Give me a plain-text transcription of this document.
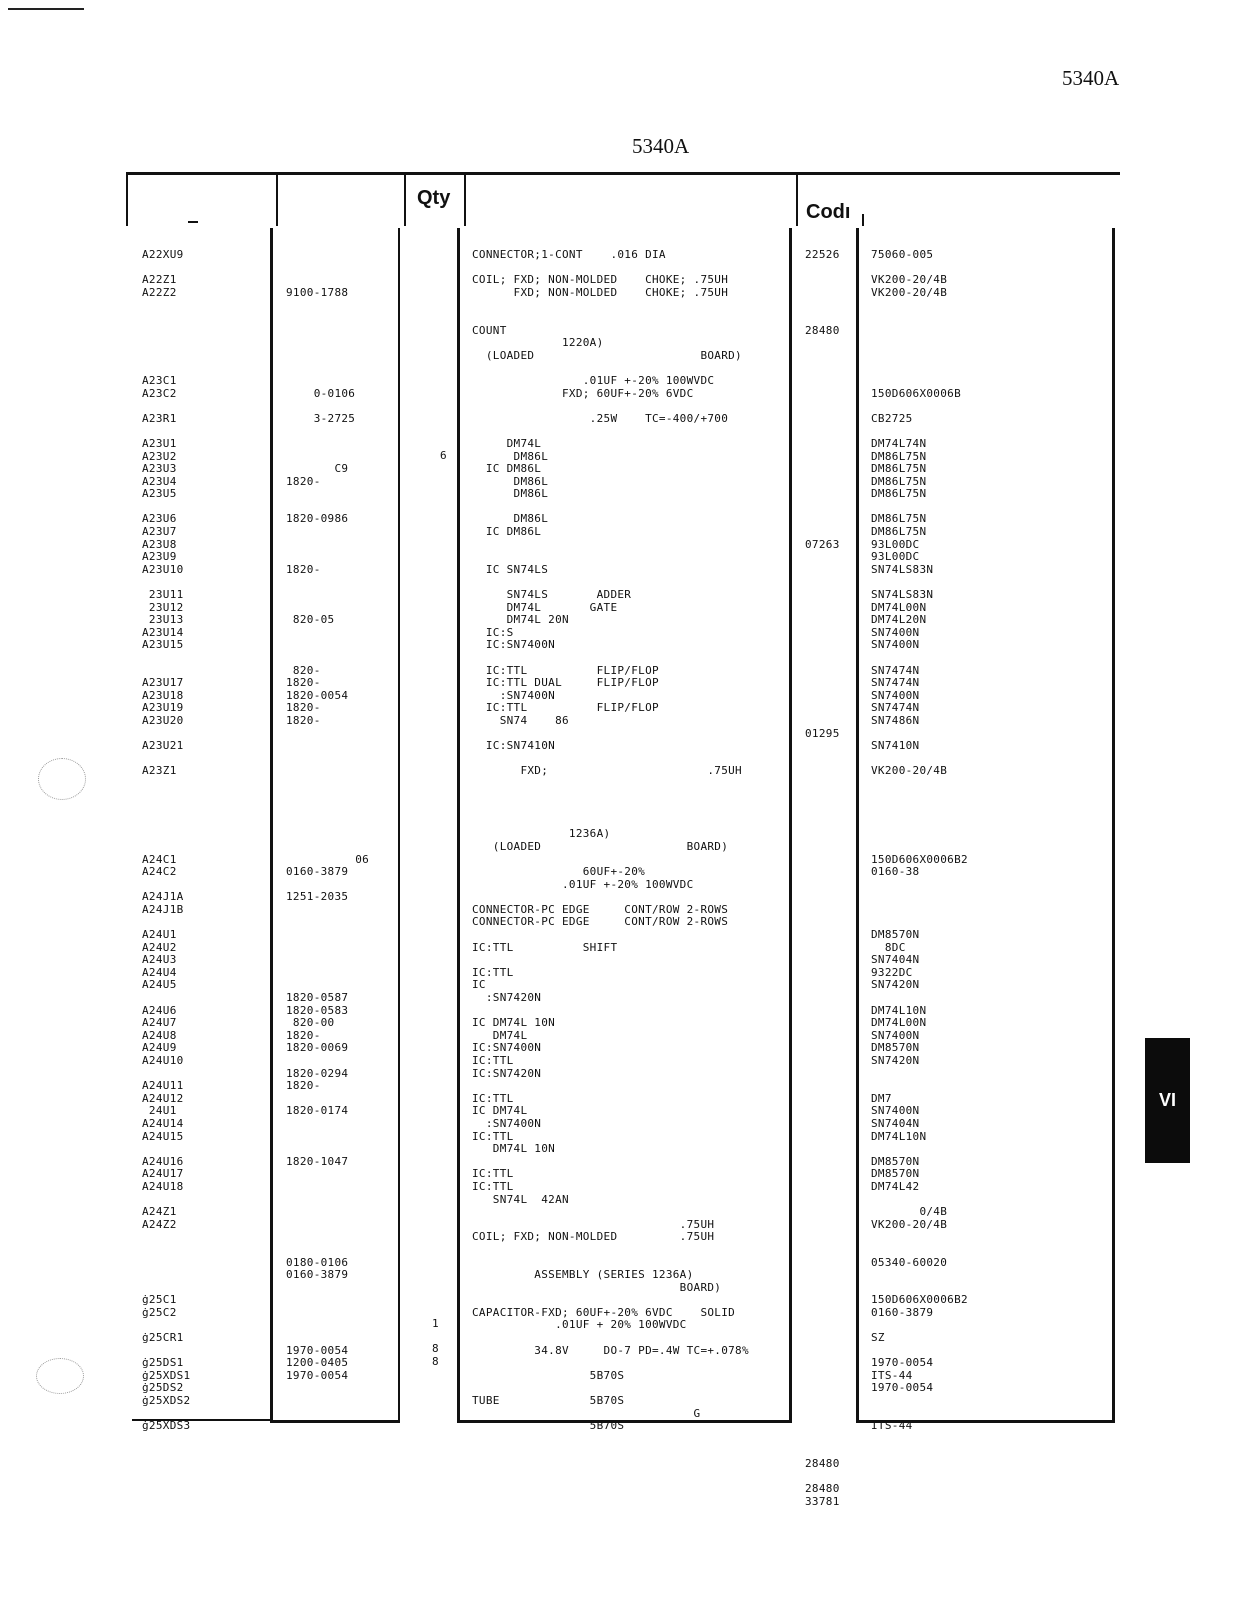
5340A
5340A
Qty
Codı
A22XU9

A22Z1
A22Z2

A23C1
A23C2

A23R1

A23U1
A23U2
A23U3
A23U4
A23U5

A23U6
A23U7
A23U8
A23U9
A23U10

23U11
23U12
23U13
A23U14
A23U15

A23U17
A23U18
A23U19
A23U20

A23U21

A23Z1

A24C1
A24C2

A24J1A
A24J1B

A24U1
A24U2
A24U3
A24U4
A24U5

A24U6
A24U7
A24U8
A24U9
A24U10

A24U11
A24U12
24U1
A24U14
A24U15

A24U16
A24U17
A24U18

A24Z1
A24Z2

ġ25C1
ġ25C2

ġ25CR1

ġ25DS1
ġ25XDS1
ġ25DS2
ġ25XDS2

ġ25XDS3

9100-1788

0-0106

3-2725

C9
1820-

1820-0986

1820-

820-05

820-
1820-
1820-0054
1820-
1820-

06
0160-3879

1251-2035

1820-0587
1820-0583
820-00
1820-
1820-0069

1820-0294
1820-

1820-0174

1820-1047

0180-0106
0160-3879

1970-0054
1200-0405
1970-0054
CONNECTOR;1-CONT    .016 DIA

COIL; FXD; NON-MOLDED    CHOKE; .75UH
FXD; NON-MOLDED    CHOKE; .75UH

COUNT
1220A)
(LOADED                        BOARD)

.01UF +-20% 100WVDC
FXD; 60UF+-20% 6VDC

.25W    TC=-400/+700

DM74L
DM86L
IC DM86L
DM86L
DM86L

DM86L
IC DM86L

IC SN74LS

SN74LS       ADDER
DM74L       GATE
DM74L 20N
IC:S
IC:SN7400N

IC:TTL          FLIP/FLOP
IC:TTL DUAL     FLIP/FLOP
:SN7400N
IC:TTL          FLIP/FLOP
SN74    86

IC:SN7410N

FXD;                       .75UH

1236A)
(LOADED                     BOARD)

60UF+-20%
.01UF +-20% 100WVDC

CONNECTOR-PC EDGE     CONT/ROW 2-ROWS
CONNECTOR-PC EDGE     CONT/ROW 2-ROWS

IC:TTL          SHIFT

IC:TTL
IC
:SN7420N

IC DM74L 10N
DM74L
IC:SN7400N
IC:TTL
IC:SN7420N

IC:TTL
IC DM74L
:SN7400N
IC:TTL
DM74L 10N

IC:TTL
IC:TTL
SN74L  42AN

.75UH
COIL; FXD; NON-MOLDED         .75UH

ASSEMBLY (SERIES 1236A)
BOARD)

CAPACITOR-FXD; 60UF+-20% 6VDC    SOLID
.01UF + 20% 100WVDC

34.8V     DO-7 PD=.4W TC=+.078%

5B70S

TUBE             5B70S
G
5B70S
22526

28480

07263

01295

28480

28480
33781
75060-005

VK200-20/4B
VK200-20/4B

150D606X0006B

CB2725

DM74L74N
DM86L75N
DM86L75N
DM86L75N
DM86L75N

DM86L75N
DM86L75N
93L00DC
93L00DC
SN74LS83N

SN74LS83N
DM74L00N
DM74L20N
SN7400N
SN7400N

SN7474N
SN7474N
SN7400N
SN7474N
SN7486N

SN7410N

VK200-20/4B

150D606X0006B2
0160-38

DM8570N
8DC
SN7404N
9322DC
SN7420N

DM74L10N
DM74L00N
SN7400N
DM8570N
SN7420N

DM7
SN7400N
SN7404N
DM74L10N

DM8570N
DM8570N
DM74L42

0/4B
VK200-20/4B

05340-60020

150D606X0006B2
0160-3879

SZ

1970-0054
ITS-44
1970-0054

ITS-44
6
1
8
8
VI
